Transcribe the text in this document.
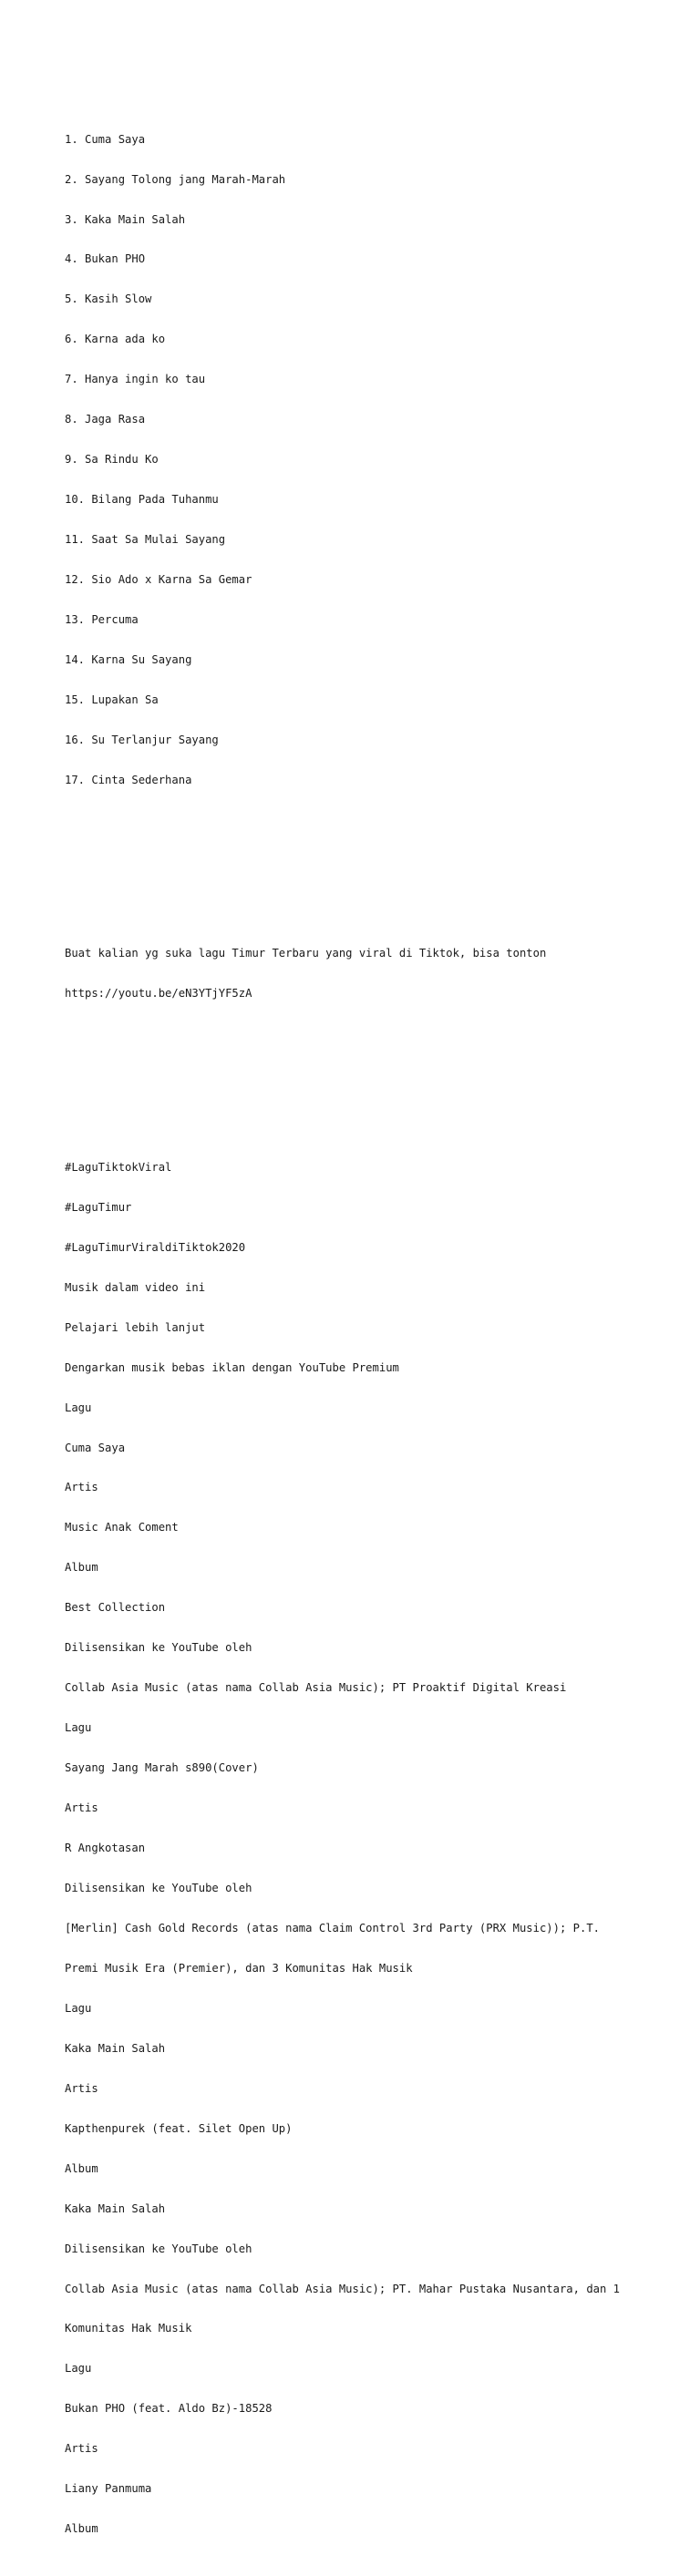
1. Cuma Saya

2. Sayang Tolong jang Marah-Marah

3. Kaka Main Salah

4. Bukan PHO

5. Kasih Slow

6. Karna ada ko

7. Hanya ingin ko tau

8. Jaga Rasa

9. Sa Rindu Ko

10. Bilang Pada Tuhanmu

11. Saat Sa Mulai Sayang

12. Sio Ado x Karna Sa Gemar

13. Percuma

14. Karna Su Sayang

15. Lupakan Sa

16. Su Terlanjur Sayang

17. Cinta Sederhana

Buat kalian yg suka lagu Timur Terbaru yang viral di Tiktok, bisa tonton

https://youtu.be/eN3YTjYF5zA

#LaguTiktokViral

#LaguTimur

#LaguTimurViraldiTiktok2020

Musik dalam video ini

Pelajari lebih lanjut

Dengarkan musik bebas iklan dengan YouTube Premium

Lagu

Cuma Saya

Artis

Music Anak Coment

Album

Best Collection

Dilisensikan ke YouTube oleh

Collab Asia Music (atas nama Collab Asia Music); PT Proaktif Digital Kreasi

Lagu

Sayang Jang Marah s890(Cover)

Artis

R Angkotasan

Dilisensikan ke YouTube oleh

[Merlin] Cash Gold Records (atas nama Claim Control 3rd Party (PRX Music)); P.T.

Premi Musik Era (Premier), dan 3 Komunitas Hak Musik

Lagu

Kaka Main Salah

Artis

Kapthenpurek (feat. Silet Open Up)

Album

Kaka Main Salah

Dilisensikan ke YouTube oleh

Collab Asia Music (atas nama Collab Asia Music); PT. Mahar Pustaka Nusantara, dan 1

Komunitas Hak Musik

Lagu

Bukan PHO (feat. Aldo Bz)-18528

Artis

Liany Panmuma

Album
